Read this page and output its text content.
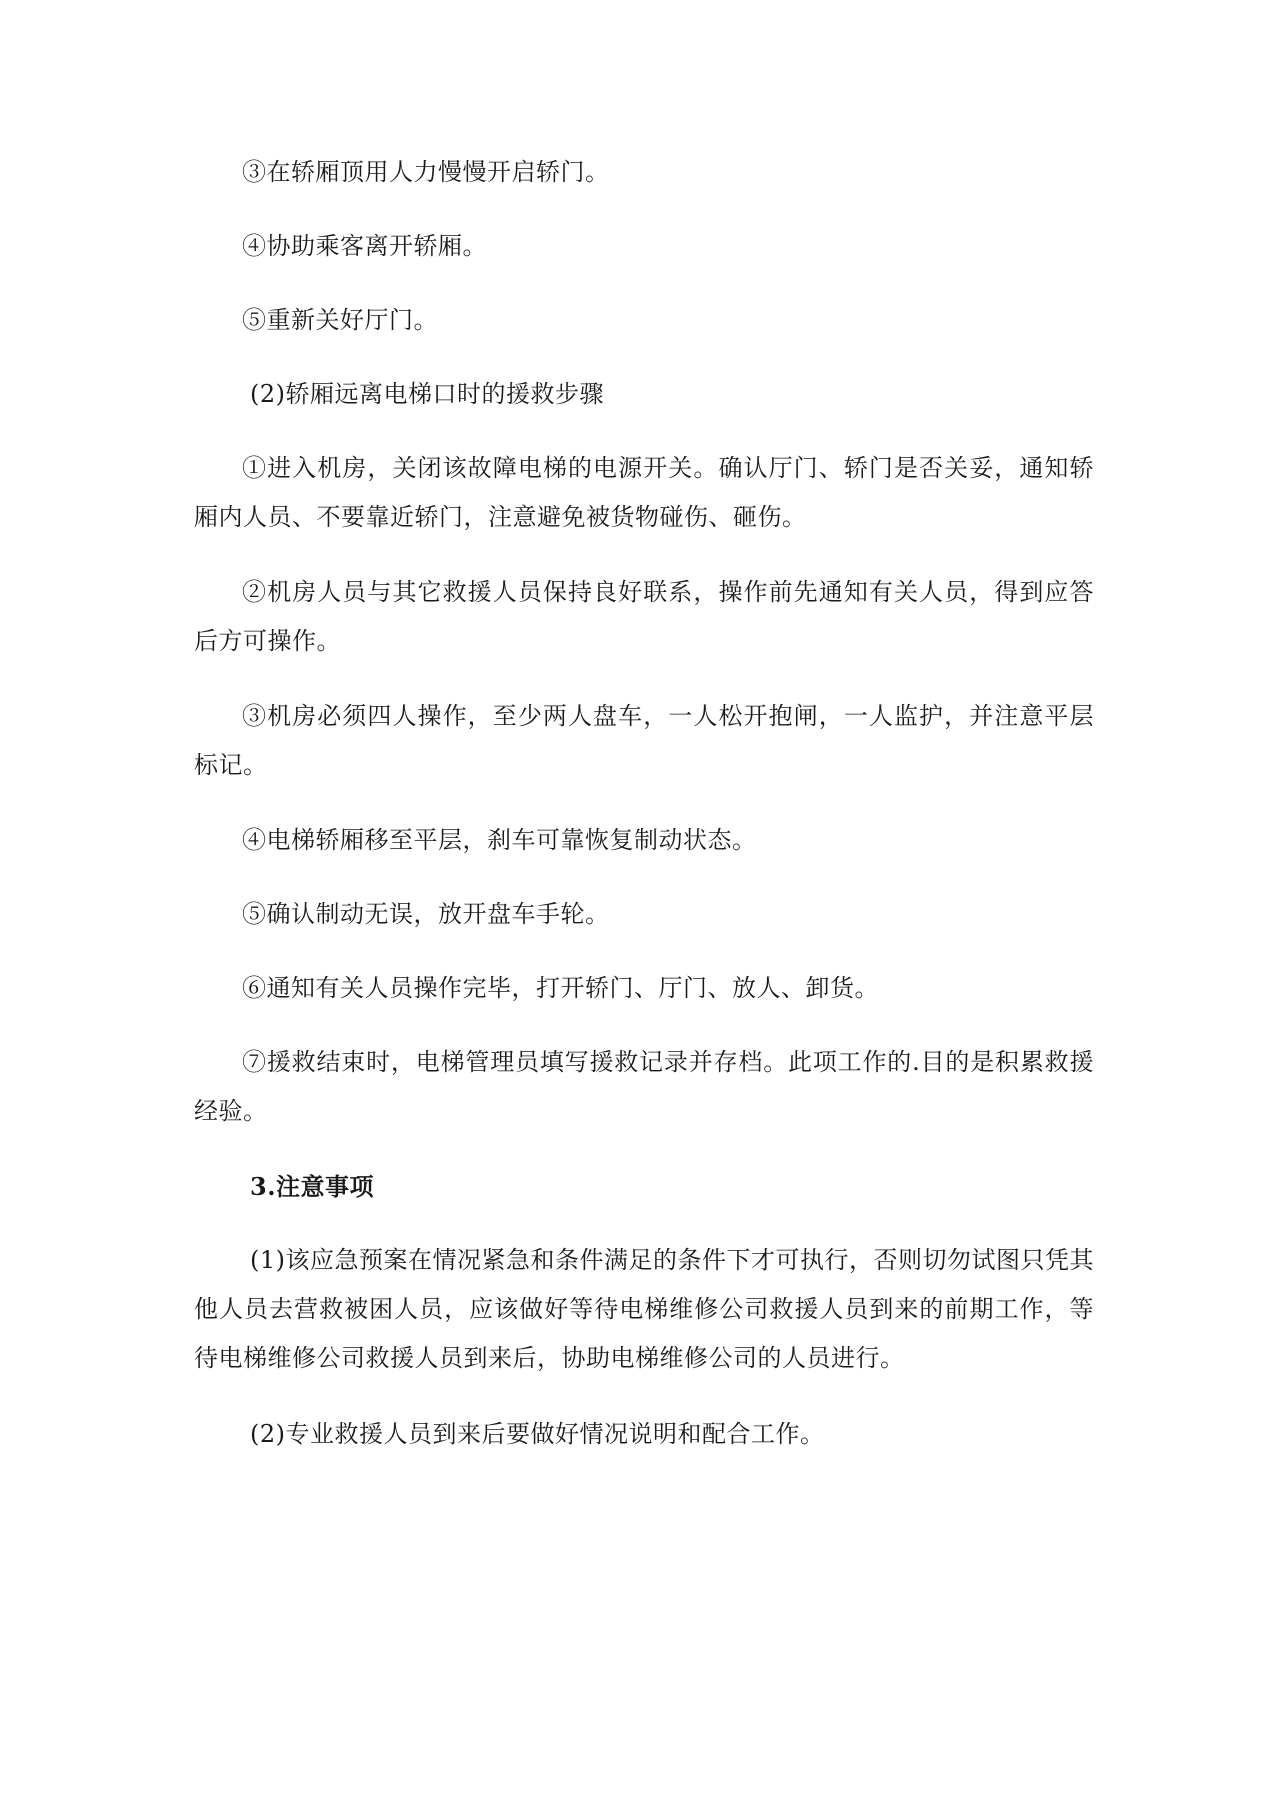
③在轿厢顶用人力慢慢开启轿门。

④协助乘客离开轿厢。

⑤重新关好厅门。

(2)轿厢远离电梯口时的援救步骤

①进入机房，关闭该故障电梯的电源开关。确认厅门、轿门是否关妥，通知轿厢内人员、不要靠近轿门，注意避免被货物碰伤、砸伤。

②机房人员与其它救援人员保持良好联系，操作前先通知有关人员，得到应答后方可操作。

③机房必须四人操作，至少两人盘车，一人松开抱闸，一人监护，并注意平层标记。

④电梯轿厢移至平层，刹车可靠恢复制动状态。

⑤确认制动无误，放开盘车手轮。

⑥通知有关人员操作完毕，打开轿门、厅门、放人、卸货。

⑦援救结束时，电梯管理员填写援救记录并存档。此项工作的.目的是积累救援经验。

3.注意事项

(1)该应急预案在情况紧急和条件满足的条件下才可执行，否则切勿试图只凭其他人员去营救被困人员，应该做好等待电梯维修公司救援人员到来的前期工作，等待电梯维修公司救援人员到来后，协助电梯维修公司的人员进行。

(2)专业救援人员到来后要做好情况说明和配合工作。
